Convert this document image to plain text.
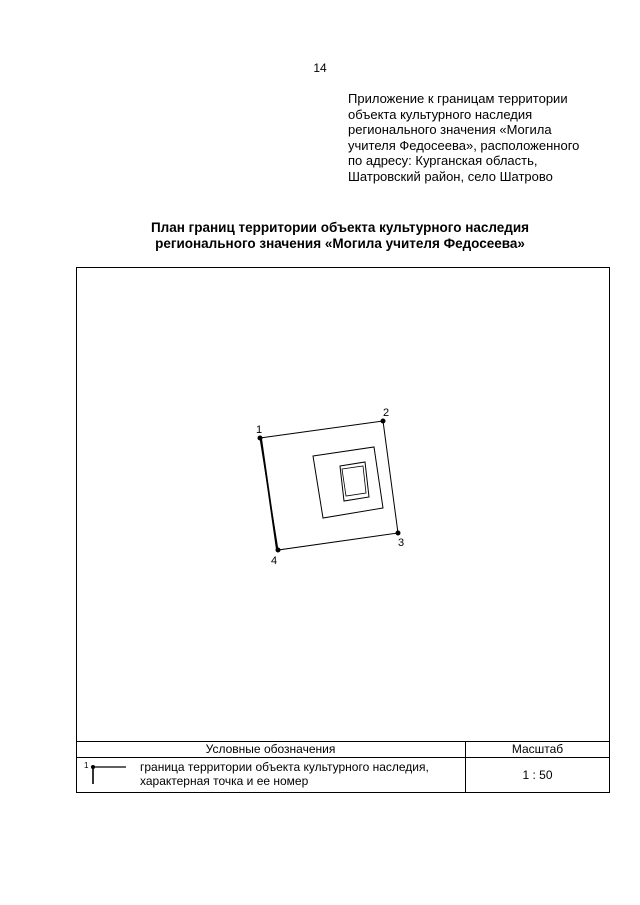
14
Приложение к границам территории
объекта культурного наследия
регионального значения «Могила
учителя Федосеева», расположенного
по адресу: Курганская область,
Шатровский район, село Шатрово
План границ территории объекта культурного наследия
регионального значения «Могила учителя Федосеева»
1
2
3
4
Условные обозначения	Масштаб
1	граница территории объекта культурного наследия,
характерная точка и ее номер	1 : 50
